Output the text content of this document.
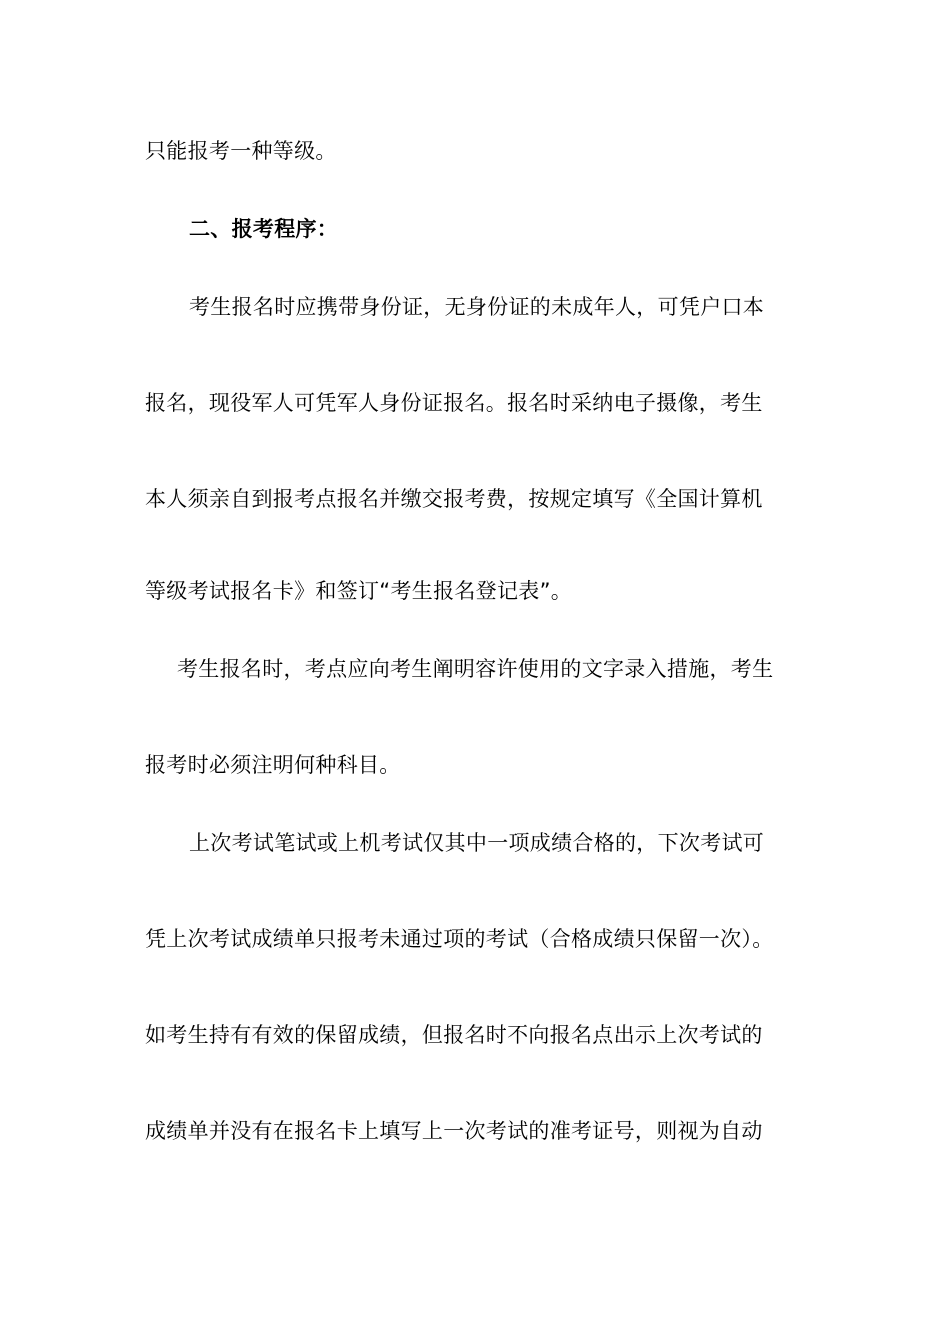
只能报考一种等级。
二、报考程序：
考生报名时应携带身份证，无身份证的未成年人，可凭户口本
报名，现役军人可凭军人身份证报名。报名时采纳电子摄像，考生
本人须亲自到报考点报名并缴交报考费，按规定填写《全国计算机
等级考试报名卡》和签订“考生报名登记表”。
考生报名时，考点应向考生阐明容许使用的文字录入措施，考生
报考时必须注明何种科目。
上次考试笔试或上机考试仅其中一项成绩合格的，下次考试可
凭上次考试成绩单只报考未通过项的考试（合格成绩只保留一次）。
如考生持有有效的保留成绩，但报名时不向报名点出示上次考试的
成绩单并没有在报名卡上填写上一次考试的准考证号，则视为自动
